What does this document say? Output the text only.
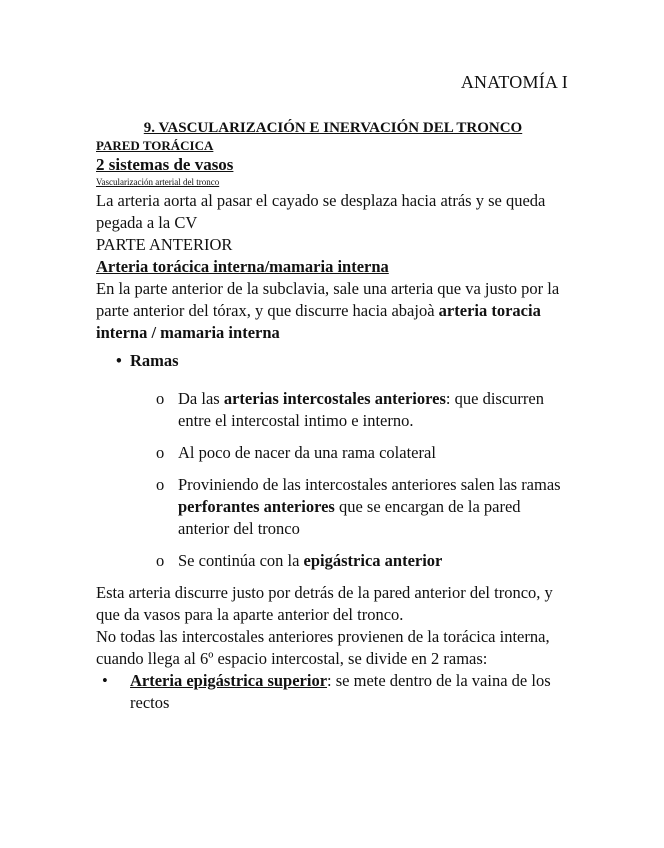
ANATOMÍA I

9. VASCULARIZACIÓN E INERVACIÓN DEL TRONCO

PARED TORÁCICA
2 sistemas de vasos
Vascularización arterial del tronco

La arteria aorta al pasar el cayado se desplaza hacia atrás y se queda pegada a la CV

PARTE ANTERIOR
Arteria torácica interna/mamaria interna

En la parte anterior de la subclavia, sale una arteria que va justo por la parte anterior del tórax, y que discurre hacia abajoà arteria toracia interna / mamaria interna

• Ramas
o Da las arterias intercostales anteriores: que discurren entre el intercostal intimo e interno.
o Al poco de nacer da una rama colateral
o Proviniendo de las intercostales anteriores salen las ramas perforantes anteriores que se encargan de la pared anterior del tronco
o Se continúa con la epigástrica anterior

Esta arteria discurre justo por detrás de la pared anterior del tronco, y que da vasos para la aparte anterior del tronco.

No todas las intercostales anteriores provienen de la torácica interna, cuando llega al 6º espacio intercostal, se divide en 2 ramas:

• Arteria epigástrica superior: se mete dentro de la vaina de los rectos
